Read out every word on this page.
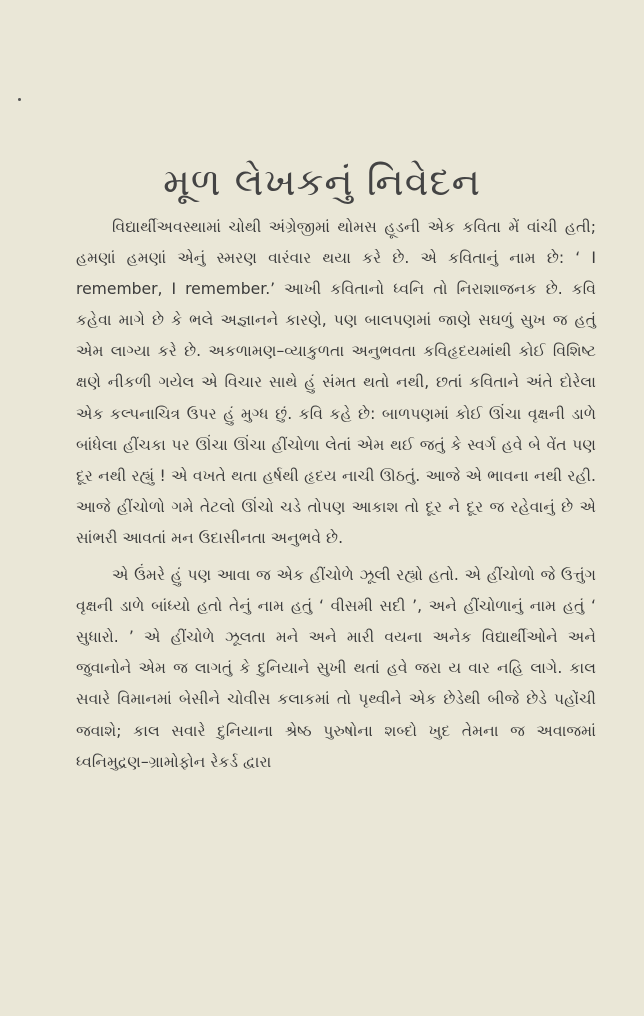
મૂળ લેખકનું નિવેદન

વિદ્યાર્થીઅવસ્થામાં ચોથી અંગ્રેજીમાં થોમસ હૂડની એક કવિતા મેં વાંચી હતી; હમણાં હમણાં એનું સ્મરણ વારંવાર થયા કરે છે. એ કવિતાનું નામ છે: ‘ I remember, I remember.’ આખી કવિતાનો ધ્વનિ તો નિરાશાજનક છે. કવિ કહેવા માગે છે કે ભલે અજ્ઞાનને કારણે, પણ બાલપણમાં જાણે સઘળું સુખ જ હતું એમ લાગ્યા કરે છે. અકળામણ–વ્યાકુળતા અનુભવતા કવિહૃદયમાંથી કોઈ વિશિષ્ટ ક્ષણે નીકળી ગયેલ એ વિચાર સાથે હું સંમત થતો નથી, છતાં કવિતાને અંતે દોરેલા એક કલ્પનાચિત્ર ઉપર હું મુગ્ધ છું. કવિ કહે છે: બાળપણમાં કોઈ ઊંચા વૃક્ષની ડાળે બાંધેલા હીંચકા પર ઊંચા ઊંચા હીંચોળા લેતાં એમ થઈ જતું કે સ્વર્ગ હવે બે વેંત પણ દૂર નથી રહ્યું ! એ વખતે થતા હર્ષથી હૃદય નાચી ઊઠતું. આજે એ ભાવના નથી રહી. આજે હીંચોળો ગમે તેટલો ઊંચો ચડે તોપણ આકાશ તો દૂર ને દૂર જ રહેવાનું છે એ સાંભરી આવતાં મન ઉદાસીનતા અનુભવે છે.

એ ઉંમરે હું પણ આવા જ એક હીંચોળે ઝૂલી રહ્યો હતો. એ હીંચોળો જે ઉત્તુંગ વૃક્ષની ડાળે બાંધ્યો હતો તેનું નામ હતું ‘ વીસમી સદી ’, અને હીંચોળાનું નામ હતું ‘ સુધારો. ’ એ હીંચોળે ઝૂલતા મને અને મારી વયના અનેક વિદ્યાર્થીઓને અને જુવાનોને એમ જ લાગતું કે દુનિયાને સુખી થતાં હવે જરા ય વાર નહિ લાગે. કાલ સવારે વિમાનમાં બેસીને ચોવીસ કલાકમાં તો પૃથ્વીને એક છેડેથી બીજે છેડે પહોંચી જવાશે; કાલ સવારે દુનિયાના શ્રેષ્ઠ પુરુષોના શબ્દો ખુદ તેમના જ અવાજમાં ધ્વનિમુદ્રણ–ગ્રામોફોન રેકર્ડ દ્વારા
